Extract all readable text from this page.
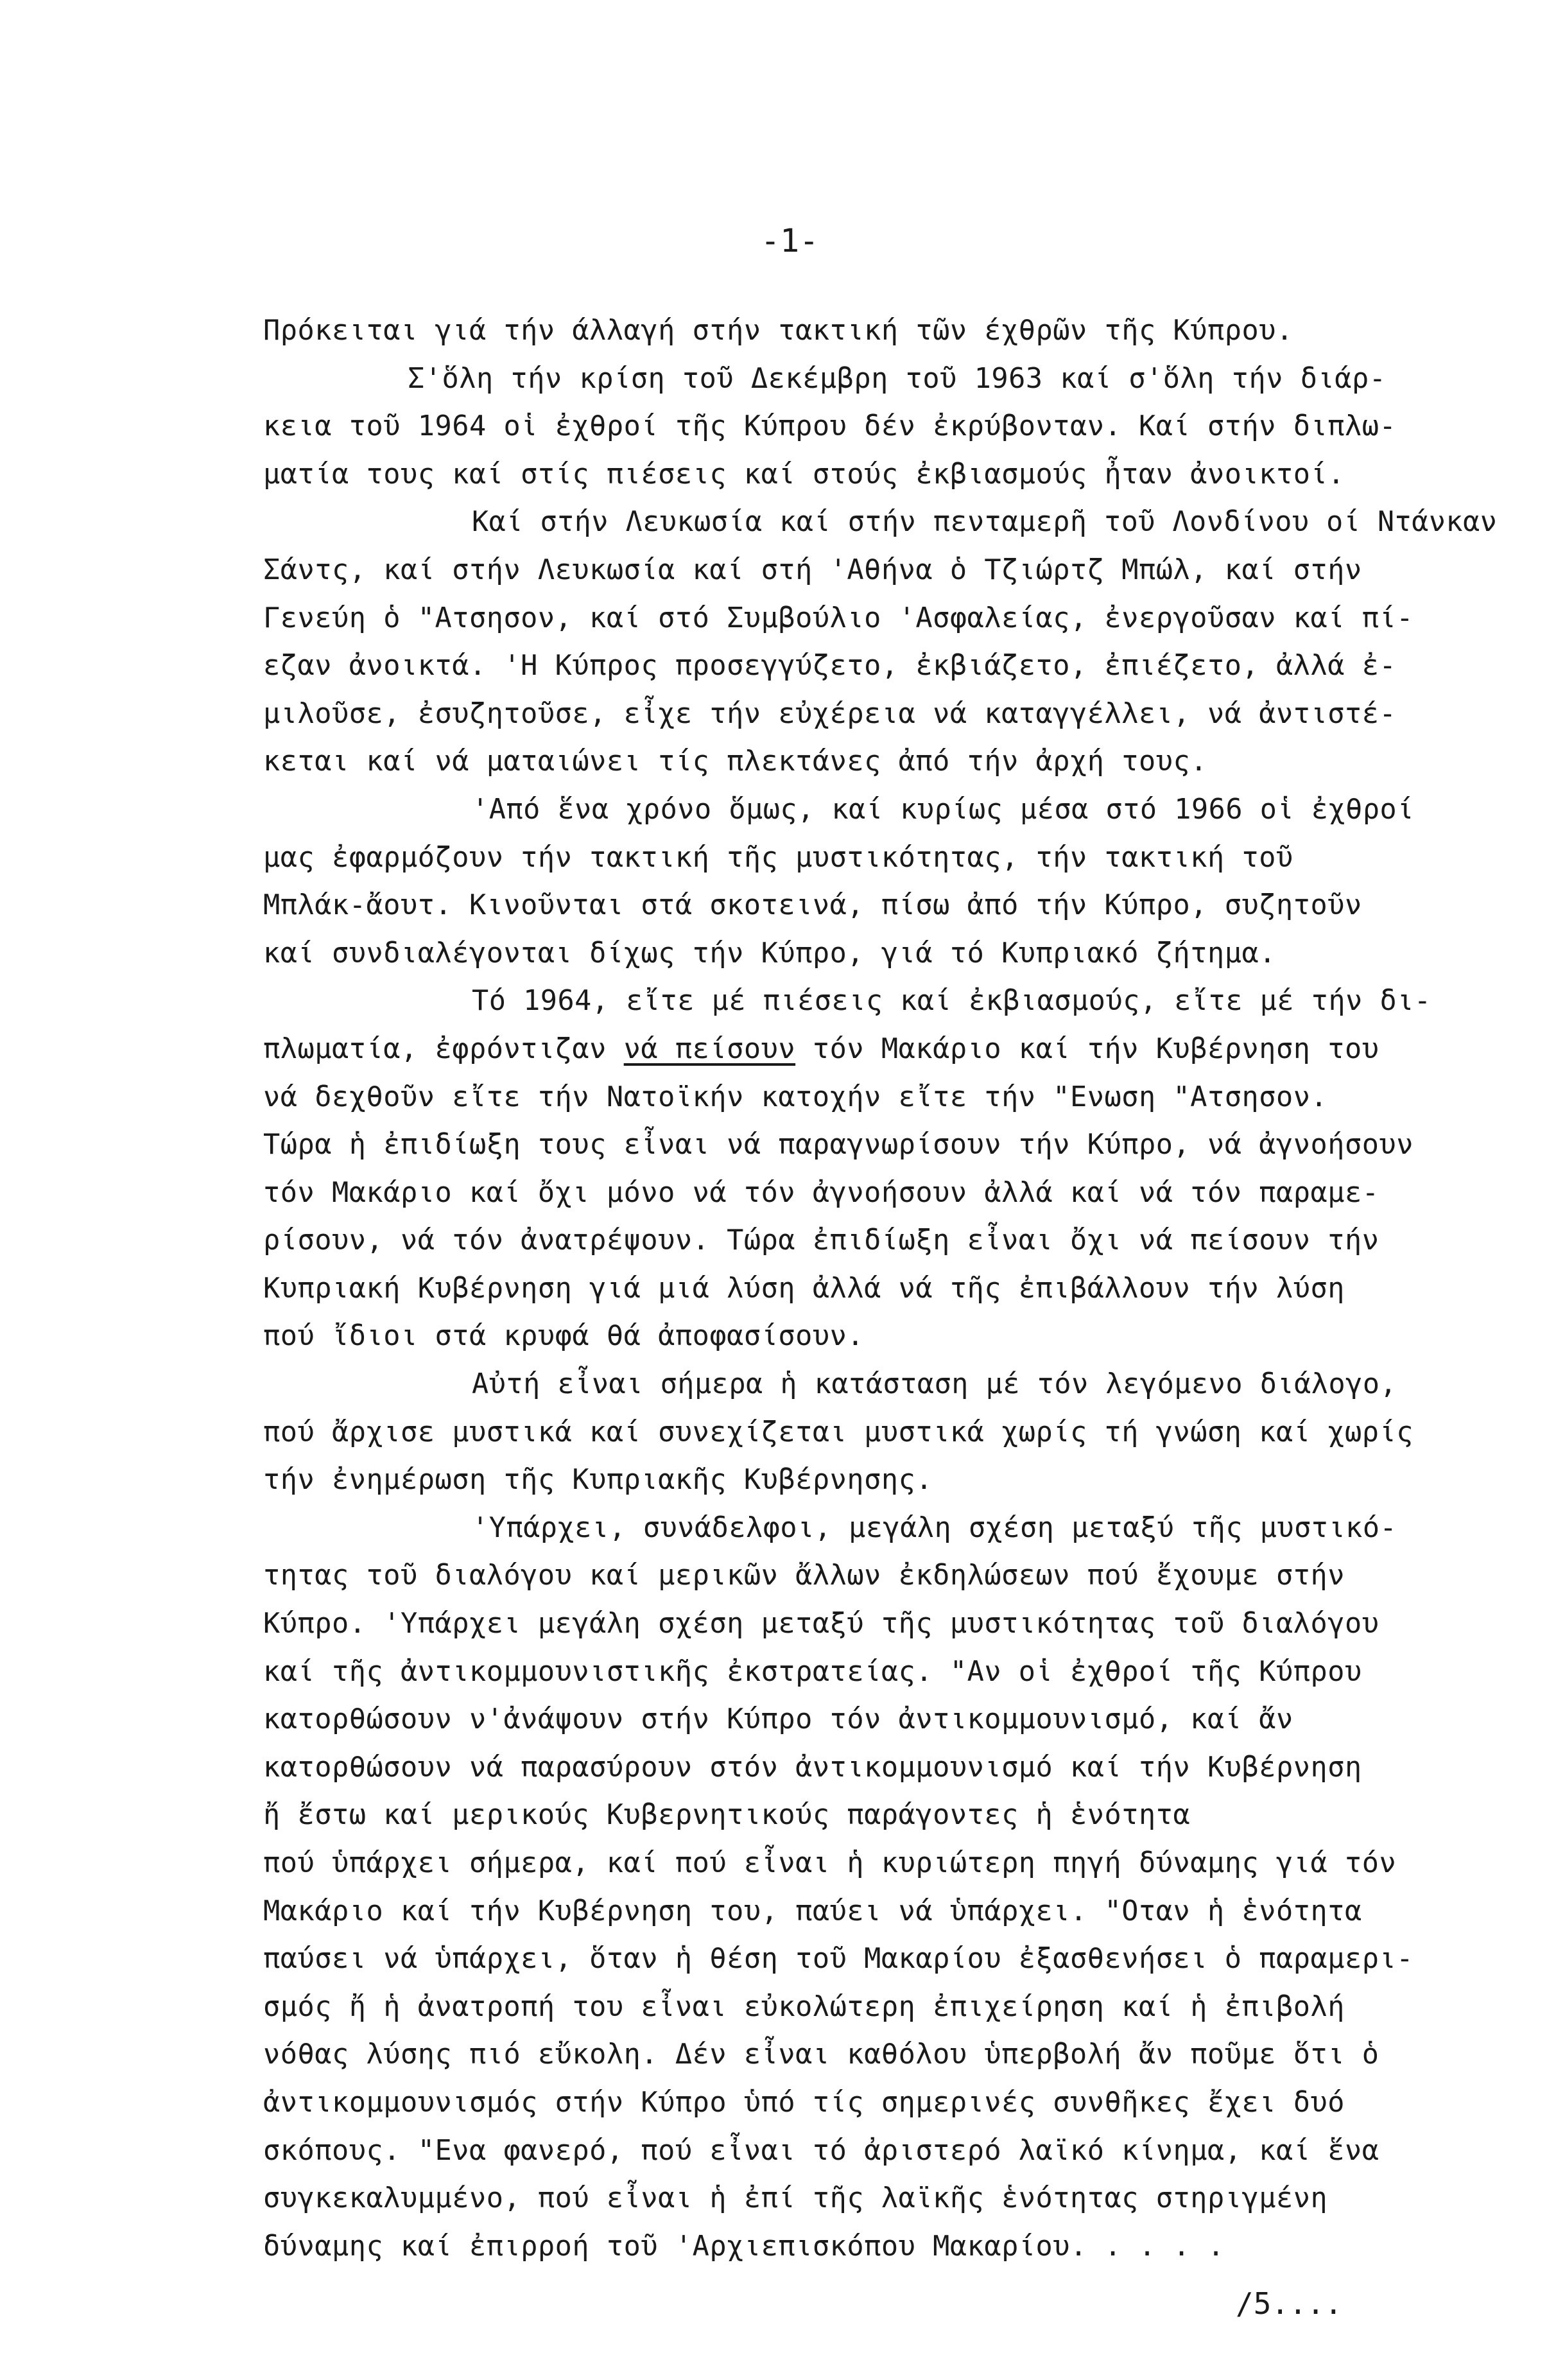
-1-
Πρόκειται γιά τήν άλλαγή στήν τακτική τῶν έχθρῶν τῆς Κύπρου.
Σ'ὅλη τήν κρίση τοῦ Δεκέμβρη τοῦ 1963 καί σ'ὅλη τήν διάρ-
κεια τοῦ 1964 οἱ ἐχθροί τῆς Κύπρου δέν ἐκρύβονταν. Καί στήν διπλω-
ματία τους καί στίς πιέσεις καί στούς ἐκβιασμούς ἦταν ἀνοικτοί.
Καί στήν Λευκωσία καί στήν πενταμερῆ τοῦ Λονδίνου οί Ντάνκαν
Σάντς, καί στήν Λευκωσία καί στή 'Αθήνα ὁ Τζιώρτζ Μπώλ, καί στήν
Γενεύη ὁ "Ατσησον, καί στό Συμβούλιο 'Ασφαλείας, ἐνεργοῦσαν καί πί-
εζαν ἀνοικτά. 'Η Κύπρος προσεγγύζετο, ἐκβιάζετο, ἐπιέζετο, ἀλλά ἐ-
μιλοῦσε, ἐσυζητοῦσε, εἶχε τήν εὐχέρεια νά καταγγέλλει, νά ἀντιστέ-
κεται καί νά ματαιώνει τίς πλεκτάνες ἀπό τήν ἀρχή τους.
'Από ἕνα χρόνο ὅμως, καί κυρίως μέσα στό 1966 οἱ ἐχθροί
μας ἐφαρμόζουν τήν τακτική τῆς μυστικότητας, τήν τακτική τοῦ
Μπλάκ-ἄουτ. Κινοῦνται στά σκοτεινά, πίσω ἀπό τήν Κύπρο, συζητοῦν
καί συνδιαλέγονται δίχως τήν Κύπρο, γιά τό Κυπριακό ζήτημα.
Τό 1964, εἴτε μέ πιέσεις καί ἐκβιασμούς, εἴτε μέ τήν δι-
πλωματία, ἐφρόντιζαν νά πείσουν τόν Μακάριο καί τήν Κυβέρνηση του
νά δεχθοῦν εἴτε τήν Νατοϊκήν κατοχήν εἴτε τήν "Ενωση "Ατσησον.
Τώρα ἡ ἐπιδίωξη τους εἶναι νά παραγνωρίσουν τήν Κύπρο, νά ἀγνοήσουν
τόν Μακάριο καί ὄχι μόνο νά τόν ἀγνοήσουν ἀλλά καί νά τόν παραμε-
ρίσουν, νά τόν ἀνατρέψουν. Τώρα ἐπιδίωξη εἶναι ὄχι νά πείσουν τήν
Κυπριακή Κυβέρνηση γιά μιά λύση ἀλλά νά τῆς ἐπιβάλλουν τήν λύση
πού ἴδιοι στά κρυφά θά ἀποφασίσουν.
Αὐτή εἶναι σήμερα ἡ κατάσταση μέ τόν λεγόμενο διάλογο,
πού ἄρχισε μυστικά καί συνεχίζεται μυστικά χωρίς τή γνώση καί χωρίς
τήν ἐνημέρωση τῆς Κυπριακῆς Κυβέρνησης.
'Υπάρχει, συνάδελφοι, μεγάλη σχέση μεταξύ τῆς μυστικό-
τητας τοῦ διαλόγου καί μερικῶν ἄλλων ἐκδηλώσεων πού ἔχουμε στήν
Κύπρο. 'Υπάρχει μεγάλη σχέση μεταξύ τῆς μυστικότητας τοῦ διαλόγου
καί τῆς ἀντικομμουνιστικῆς ἐκστρατείας. "Αν οἱ ἐχθροί τῆς Κύπρου
κατορθώσουν ν'ἀνάψουν στήν Κύπρο τόν ἀντικομμουνισμό, καί ἄν
κατορθώσουν νά παρασύρουν στόν ἀντικομμουνισμό καί τήν Κυβέρνηση
ἤ ἔστω καί μερικούς Κυβερνητικούς παράγοντες ἡ ἑνότητα
πού ὑπάρχει σήμερα, καί πού εἶναι ἡ κυριώτερη πηγή δύναμης γιά τόν
Μακάριο καί τήν Κυβέρνηση του, παύει νά ὑπάρχει. "Οταν ἡ ἑνότητα
παύσει νά ὑπάρχει, ὅταν ἡ θέση τοῦ Μακαρίου ἐξασθενήσει ὁ παραμερι-
σμός ἤ ἡ ἀνατροπή του εἶναι εὐκολώτερη ἐπιχείρηση καί ἡ ἐπιβολή
νόθας λύσης πιό εὔκολη. Δέν εἶναι καθόλου ὑπερβολή ἄν ποῦμε ὅτι ὁ
ἀντικομμουνισμός στήν Κύπρο ὑπό τίς σημερινές συνθῆκες ἔχει δυό
σκόπους. "Ενα φανερό, πού εἶναι τό ἀριστερό λαϊκό κίνημα, καί ἕνα
συγκεκαλυμμένο, πού εἶναι ἡ ἐπί τῆς λαϊκῆς ἑνότητας στηριγμένη
δύναμης καί ἐπιρροή τοῦ 'Αρχιεπισκόπου Μακαρίου. . . . .
/5....
